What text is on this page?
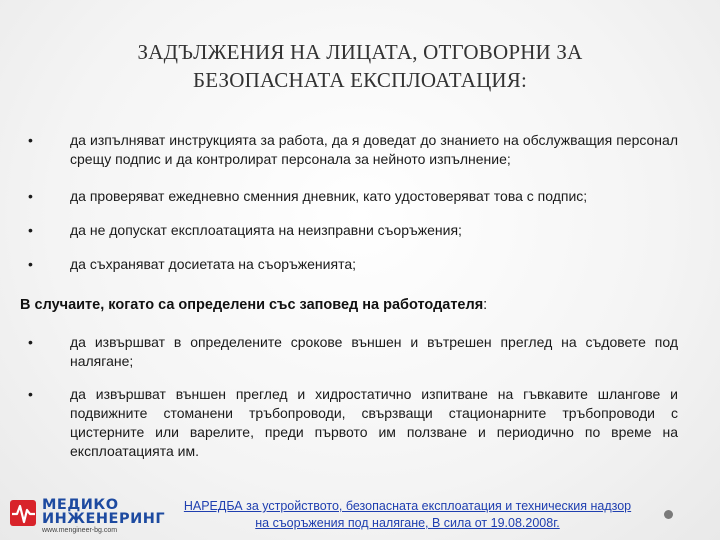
ЗАДЪЛЖЕНИЯ НА ЛИЦАТА, ОТГОВОРНИ ЗА
БЕЗОПАСНАТА ЕКСПЛОАТАЦИЯ:
•	да изпълняват инструкцията за работа, да я доведат до знанието на обслужващия персонал срещу подпис и да контролират персонала за нейното изпълнение;
•	да проверяват ежедневно сменния дневник, като удостоверяват това с подпис;
•	да не допускат експлоатацията на неизправни съоръжения;
•	да съхраняват досиетата на съоръженията;
В случаите, когато са определени със заповед на работодателя:
•	да извършват в определените срокове външен и вътрешен преглед на съдовете под налягане;
•	да извършват външен преглед и хидростатично изпитване на гъвкавите шлангове и подвижните стоманени тръбопроводи, свързващи стационарните тръбопроводи с цистерните или варелите, преди първото им ползване и периодично по време на експлоатацията им.
МЕДИКО
ИНЖЕНЕРИНГ
www.mengineer-bg.com
НАРЕДБА за устройството, безопасната експлоатация и техническия надзор
на съоръжения под налягане, В сила от 19.08.2008г.
